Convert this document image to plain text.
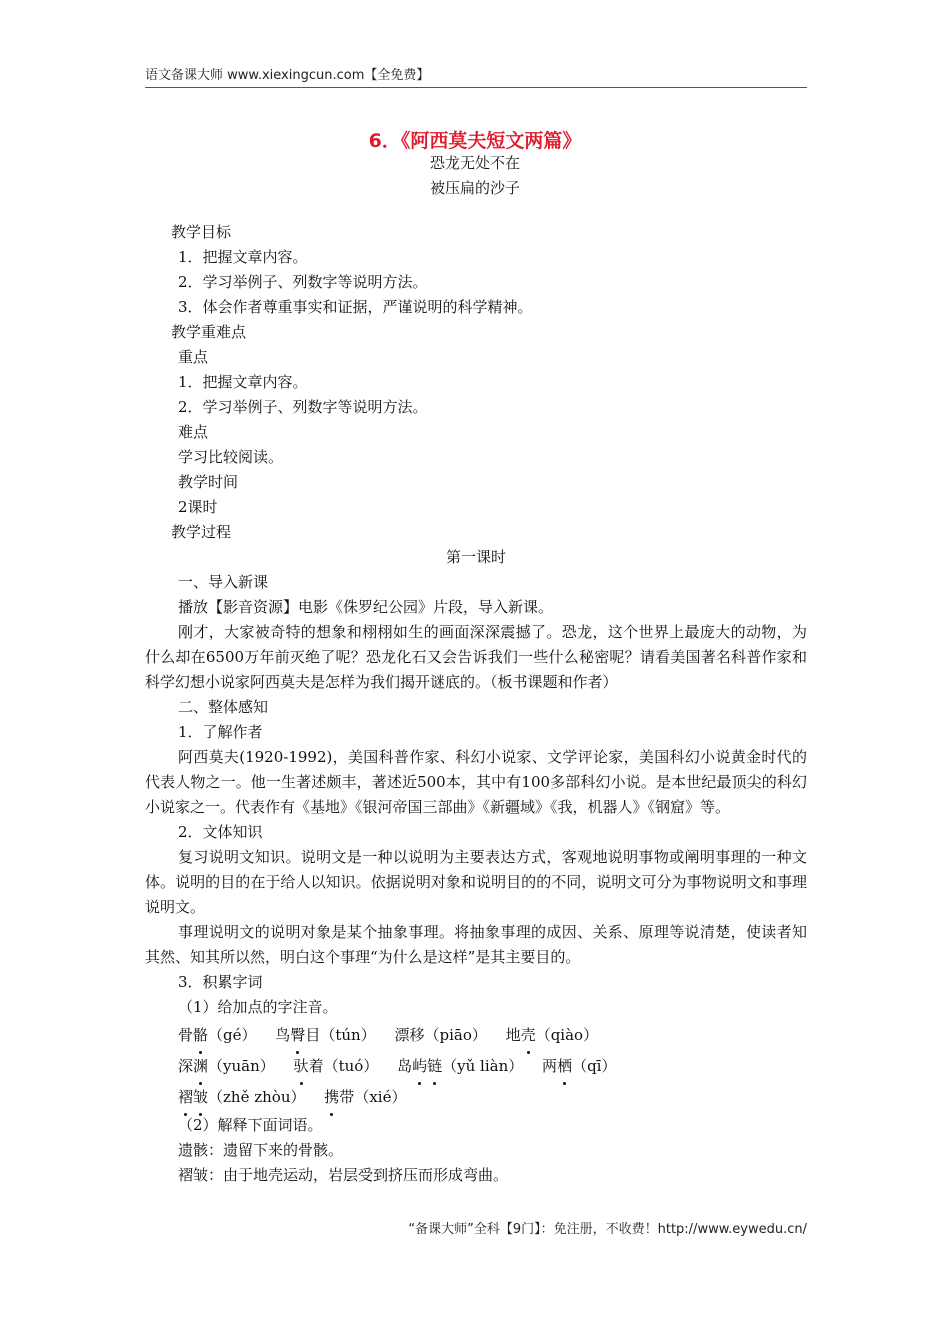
语文备课大师 www.xiexingcun.com【全免费】
6．《阿西莫夫短文两篇》
恐龙无处不在
被压扁的沙子
教学目标
1．把握文章内容。
2．学习举例子、列数字等说明方法。
3．体会作者尊重事实和证据，严谨说明的科学精神。
教学重难点
重点
1．把握文章内容。
2．学习举例子、列数字等说明方法。
难点
学习比较阅读。
教学时间
2课时
教学过程
第一课时
一、导入新课
播放【影音资源】电影《侏罗纪公园》片段，导入新课。
刚才，大家被奇特的想象和栩栩如生的画面深深震撼了。恐龙，这个世界上最庞大的动物，为什么却在6500万年前灭绝了呢？恐龙化石又会告诉我们一些什么秘密呢？请看美国著名科普作家和科学幻想小说家阿西莫夫是怎样为我们揭开谜底的。（板书课题和作者）
二、整体感知
1．了解作者
阿西莫夫(1920-1992)，美国科普作家、科幻小说家、文学评论家，美国科幻小说黄金时代的代表人物之一。他一生著述颇丰，著述近500本，其中有100多部科幻小说。是本世纪最顶尖的科幻小说家之一。代表作有《基地》《银河帝国三部曲》《新疆域》《我，机器人》《钢窟》等。
2．文体知识
复习说明文知识。说明文是一种以说明为主要表达方式，客观地说明事物或阐明事理的一种文体。说明的目的在于给人以知识。依据说明对象和说明目的的不同，说明文可分为事物说明文和事理说明文。
事理说明文的说明对象是某个抽象事理。将抽象事理的成因、关系、原理等说清楚，使读者知其然、知其所以然，明白这个事理“为什么是这样”是其主要目的。
3．积累字词
（1）给加点的字注音。
骨骼（gé） 鸟臀目（tún） 漂移（piāo） 地壳（qiào）
深渊（yuān） 驮着（tuó） 岛屿链（yǔ liàn） 两栖（qī）
褶皱（zhě zhòu） 携带（xié）
（2）解释下面词语。
遗骸：遗留下来的骨骸。
褶皱：由于地壳运动，岩层受到挤压而形成弯曲。
“备课大师”全科【9门】：免注册，不收费！http://www.eywedu.cn/
